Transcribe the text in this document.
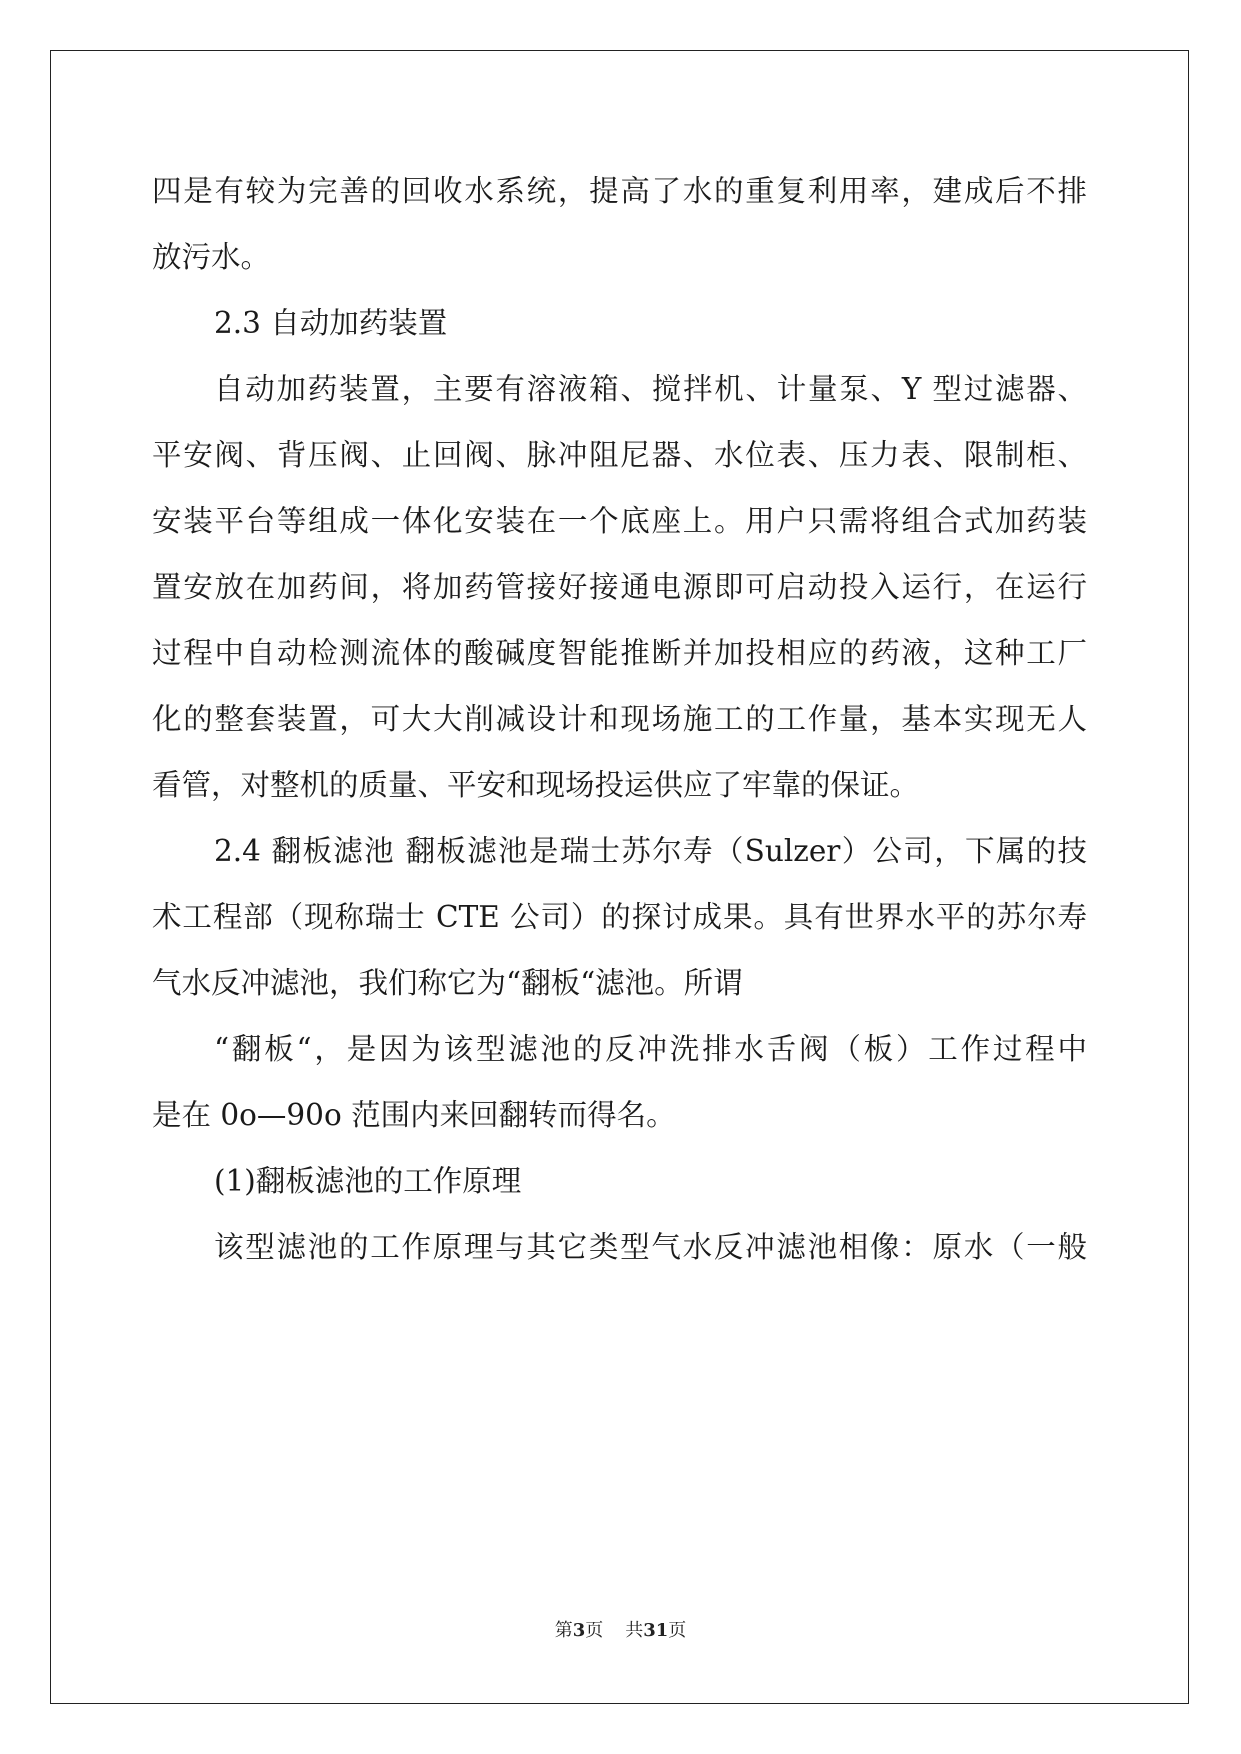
四是有较为完善的回收水系统，提高了水的重复利用率，建成后不排
放污水。
2.3 自动加药装置
自动加药装置，主要有溶液箱、搅拌机、计量泵、Y 型过滤器、
平安阀、背压阀、止回阀、脉冲阻尼器、水位表、压力表、限制柜、
安装平台等组成一体化安装在一个底座上。用户只需将组合式加药装
置安放在加药间，将加药管接好接通电源即可启动投入运行，在运行
过程中自动检测流体的酸碱度智能推断并加投相应的药液，这种工厂
化的整套装置，可大大削减设计和现场施工的工作量，基本实现无人
看管，对整机的质量、平安和现场投运供应了牢靠的保证。
2.4 翻板滤池 翻板滤池是瑞士苏尔寿（Sulzer）公司，下属的技
术工程部（现称瑞士 CTE 公司）的探讨成果。具有世界水平的苏尔寿
气水反冲滤池，我们称它为“翻板“滤池。所谓
“翻板“，是因为该型滤池的反冲洗排水舌阀（板）工作过程中
是在 0o—90o 范围内来回翻转而得名。
(1)翻板滤池的工作原理
该型滤池的工作原理与其它类型气水反冲滤池相像：原水（一般
第3页 共31页
